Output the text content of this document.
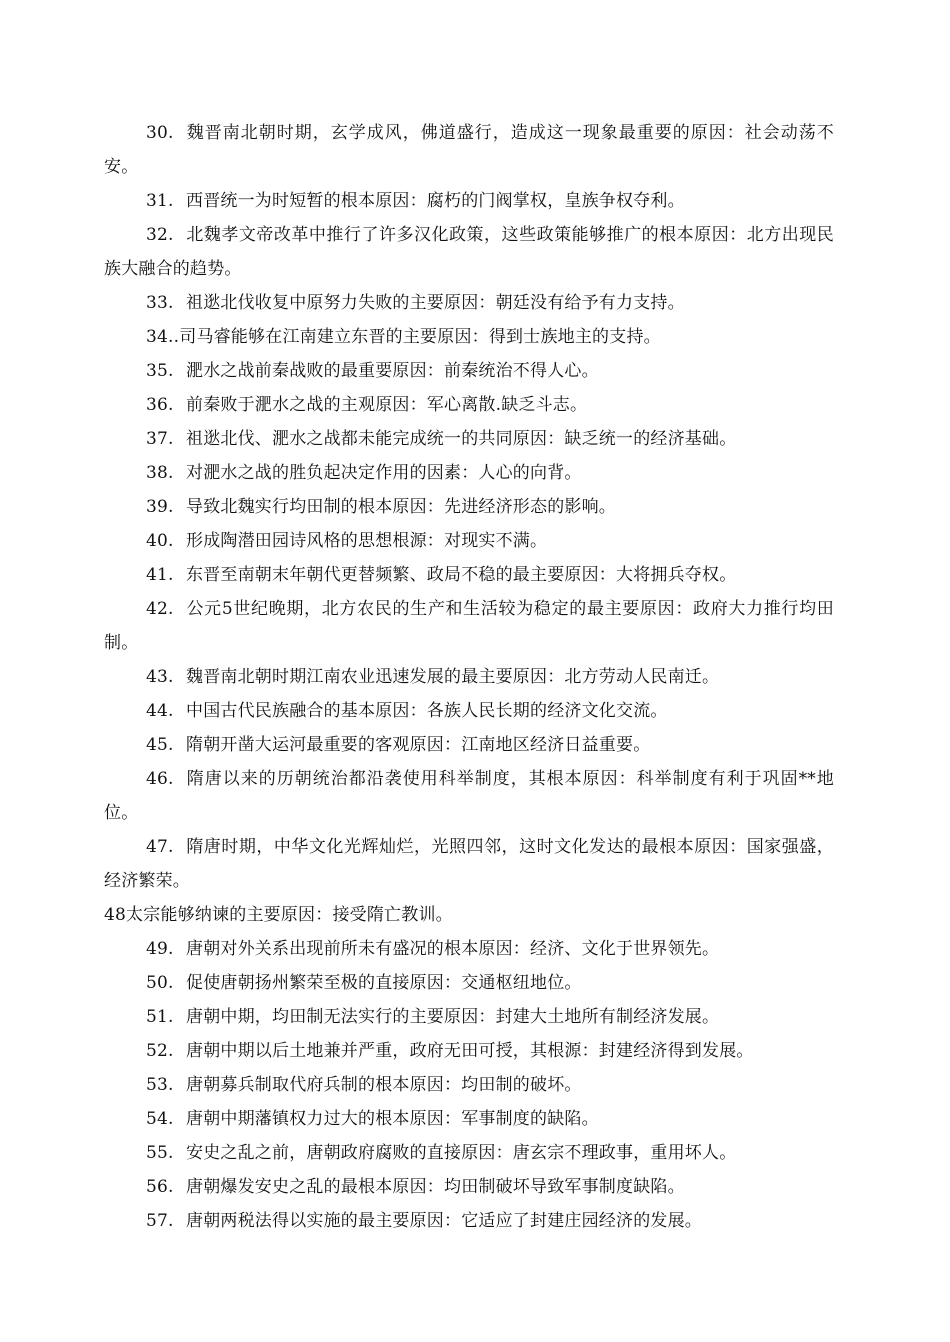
30. 魏晋南北朝时期，玄学成风，佛道盛行，造成这一现象最重要的原因：社会动荡不安。

31. 西晋统一为时短暂的根本原因：腐朽的门阀掌权，皇族争权夺利。

32. 北魏孝文帝改革中推行了许多汉化政策，这些政策能够推广的根本原因：北方出现民族大融合的趋势。

33. 祖逖北伐收复中原努力失败的主要原因：朝廷没有给予有力支持。

34..司马睿能够在江南建立东晋的主要原因：得到士族地主的支持。

35. 淝水之战前秦战败的最重要原因：前秦统治不得人心。

36. 前秦败于淝水之战的主观原因：军心离散.缺乏斗志。

37. 祖逖北伐、淝水之战都未能完成统一的共同原因：缺乏统一的经济基础。

38. 对淝水之战的胜负起决定作用的因素：人心的向背。

39. 导致北魏实行均田制的根本原因：先进经济形态的影响。

40. 形成陶潜田园诗风格的思想根源：对现实不满。

41. 东晋至南朝末年朝代更替频繁、政局不稳的最主要原因：大将拥兵夺权。

42. 公元5世纪晚期，北方农民的生产和生活较为稳定的最主要原因：政府大力推行均田制。

43. 魏晋南北朝时期江南农业迅速发展的最主要原因：北方劳动人民南迁。

44. 中国古代民族融合的基本原因：各族人民长期的经济文化交流。

45. 隋朝开凿大运河最重要的客观原因：江南地区经济日益重要。

46. 隋唐以来的历朝统治都沿袭使用科举制度，其根本原因：科举制度有利于巩固**地位。

47. 隋唐时期，中华文化光辉灿烂，光照四邻，这时文化发达的最根本原因：国家强盛，经济繁荣。

48太宗能够纳谏的主要原因：接受隋亡教训。

49. 唐朝对外关系出现前所未有盛况的根本原因：经济、文化于世界领先。

50. 促使唐朝扬州繁荣至极的直接原因：交通枢纽地位。

51. 唐朝中期，均田制无法实行的主要原因：封建大土地所有制经济发展。

52. 唐朝中期以后土地兼并严重，政府无田可授，其根源：封建经济得到发展。

53. 唐朝募兵制取代府兵制的根本原因：均田制的破坏。

54. 唐朝中期藩镇权力过大的根本原因：军事制度的缺陷。

55. 安史之乱之前，唐朝政府腐败的直接原因：唐玄宗不理政事，重用坏人。

56. 唐朝爆发安史之乱的最根本原因：均田制破坏导致军事制度缺陷。

57. 唐朝两税法得以实施的最主要原因：它适应了封建庄园经济的发展。
